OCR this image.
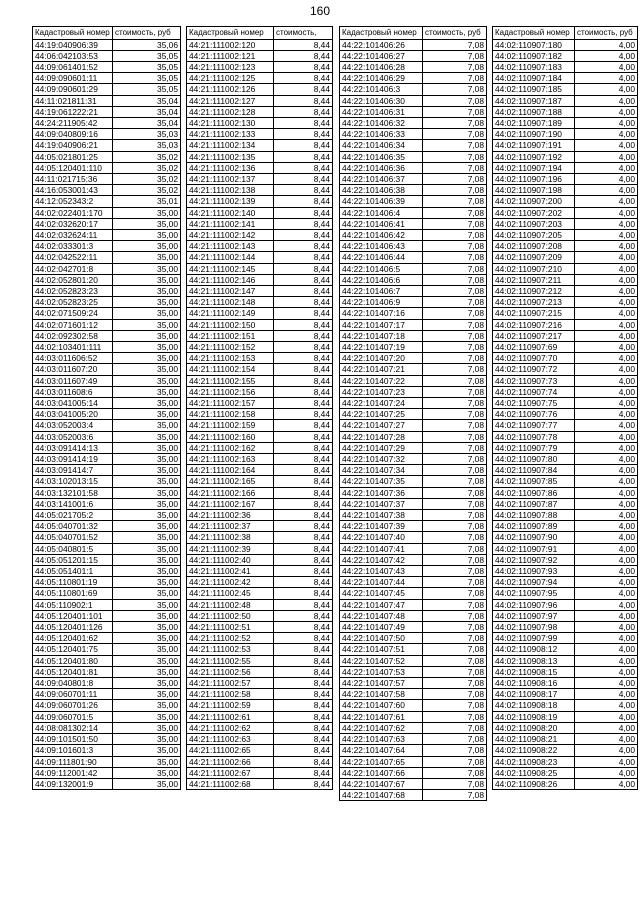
160
Кадастровый номер	стоимость, руб
44:19:040906:39	35,06
44:06:042103:53	35,05
44:09:061401:52	35,05
44:09:090601:11	35,05
44:09:090601:29	35,05
44:11:021811:31	35,04
44:19:061222:21	35,04
44:24:211905:42	35,04
44:09:040809:16	35,03
44:19:040906:21	35,03
44:05:021801:25	35,02
44:05:120401:110	35,02
44:11:021715:36	35,02
44:16:053001:43	35,02
44:12:052343:2	35,01
44:02:022401:170	35,00
44:02:032620:17	35,00
44:02:032624:11	35,00
44:02:033301:3	35,00
44:02:042522:11	35,00
44:02:042701:8	35,00
44:02:052801:20	35,00
44:02:052823:23	35,00
44:02:052823:25	35,00
44:02:071509:24	35,00
44:02:071601:12	35,00
44:02:092302:58	35,00
44:02:103401:111	35,00
44:03:011606:52	35,00
44:03:011607:20	35,00
44:03:011607:49	35,00
44:03:011608:6	35,00
44:03:041005:14	35,00
44:03:041005:20	35,00
44:03:052003:4	35,00
44:03:052003:6	35,00
44:03:091414:13	35,00
44:03:091414:19	35,00
44:03:091414:7	35,00
44:03:102013:15	35,00
44:03:132101:58	35,00
44:03:141001:6	35,00
44:05:021705:2	35,00
44:05:040701:32	35,00
44:05:040701:52	35,00
44:05:040801:5	35,00
44:05:051201:15	35,00
44:05:051401:1	35,00
44:05:110801:19	35,00
44:05:110801:69	35,00
44:05:110902:1	35,00
44:05:120401:101	35,00
44:05:120401:126	35,00
44:05:120401:62	35,00
44:05:120401:75	35,00
44:05:120401:80	35,00
44:05:120401:81	35,00
44:09:040801:8	35,00
44:09:060701:11	35,00
44:09:060701:26	35,00
44:09:060701:5	35,00
44:08:081302:14	35,00
44:09:101501:50	35,00
44:09:101601:3	35,00
44:09:111801:90	35,00
44:09:112001:42	35,00
44:09:132001:9	35,00
Кадастровый номер	стоимость,
44:21:111002:120	8,44
44:21:111002:121	8,44
44:21:111002:123	8,44
44:21:111002:125	8,44
44:21:111002:126	8,44
44:21:111002:127	8,44
44:21:111002:128	8,44
44:21:111002:130	8,44
44:21:111002:133	8,44
44:21:111002:134	8,44
44:21:111002:135	8,44
44:21:111002:136	8,44
44:21:111002:137	8,44
44:21:111002:138	8,44
44:21:111002:139	8,44
44:21:111002:140	8,44
44:21:111002:141	8,44
44:21:111002:142	8,44
44:21:111002:143	8,44
44:21:111002:144	8,44
44:21:111002:145	8,44
44:21:111002:146	8,44
44:21:111002:147	8,44
44:21:111002:148	8,44
44:21:111002:149	8,44
44:21:111002:150	8,44
44:21:111002:151	8,44
44:21:111002:152	8,44
44:21:111002:153	8,44
44:21:111002:154	8,44
44:21:111002:155	8,44
44:21:111002:156	8,44
44:21:111002:157	8,44
44:21:111002:158	8,44
44:21:111002:159	8,44
44:21:111002:160	8,44
44:21:111002:162	8,44
44:21:111002:163	8,44
44:21:111002:164	8,44
44:21:111002:165	8,44
44:21:111002:166	8,44
44:21:111002:167	8,44
44:21:111002:36	8,44
44:21:111002:37	8,44
44:21:111002:38	8,44
44:21:111002:39	8,44
44:21:111002:40	8,44
44:21:111002:41	8,44
44:21:111002:42	8,44
44:21:111002:45	8,44
44:21:111002:48	8,44
44:21:111002:50	8,44
44:21:111002:51	8,44
44:21:111002:52	8,44
44:21:111002:53	8,44
44:21:111002:55	8,44
44:21:111002:56	8,44
44:21:111002:57	8,44
44:21:111002:58	8,44
44:21:111002:59	8,44
44:21:111002:61	8,44
44:21:111002:62	8,44
44:21:111002:63	8,44
44:21:111002:65	8,44
44:21:111002:66	8,44
44:21:111002:67	8,44
44:21:111002:68	8,44
Кадастровый номер	стоимость, руб
44:22:101406:26	7,08
44:22:101406:27	7,08
44:22:101406:28	7,08
44:22:101406:29	7,08
44:22:101406:3	7,08
44:22:101406:30	7,08
44:22:101406:31	7,08
44:22:101406:32	7,08
44:22:101406:33	7,08
44:22:101406:34	7,08
44:22:101406:35	7,08
44:22:101406:36	7,08
44:22:101406:37	7,08
44:22:101406:38	7,08
44:22:101406:39	7,08
44:22:101406:4	7,08
44:22:101406:41	7,08
44:22:101406:42	7,08
44:22:101406:43	7,08
44:22:101406:44	7,08
44:22:101406:5	7,08
44:22:101406:6	7,08
44:22:101406:7	7,08
44:22:101406:9	7,08
44:22:101407:16	7,08
44:22:101407:17	7,08
44:22:101407:18	7,08
44:22:101407:19	7,08
44:22:101407:20	7,08
44:22:101407:21	7,08
44:22:101407:22	7,08
44:22:101407:23	7,08
44:22:101407:24	7,08
44:22:101407:25	7,08
44:22:101407:27	7,08
44:22:101407:28	7,08
44:22:101407:29	7,08
44:22:101407:32	7,08
44:22:101407:34	7,08
44:22:101407:35	7,08
44:22:101407:36	7,08
44:22:101407:37	7,08
44:22:101407:38	7,08
44:22:101407:39	7,08
44:22:101407:40	7,08
44:22:101407:41	7,08
44:22:101407:42	7,08
44:22:101407:43	7,08
44:22:101407:44	7,08
44:22:101407:45	7,08
44:22:101407:47	7,08
44:22:101407:48	7,08
44:22:101407:49	7,08
44:22:101407:50	7,08
44:22:101407:51	7,08
44:22:101407:52	7,08
44:22:101407:53	7,08
44:22:101407:57	7,08
44:22:101407:58	7,08
44:22:101407:60	7,08
44:22:101407:61	7,08
44:22:101407:62	7,08
44:22:101407:63	7,08
44:22:101407:64	7,08
44:22:101407:65	7,08
44:22:101407:66	7,08
44:22:101407:67	7,08
44:22:101407:68	7,08
Кадастровый номер	стоимость, руб
44:02:110907:180	4,00
44:02:110907:182	4,00
44:02:110907:183	4,00
44:02:110907:184	4,00
44:02:110907:185	4,00
44:02:110907:187	4,00
44:02:110907:188	4,00
44:02:110907:189	4,00
44:02:110907:190	4,00
44:02:110907:191	4,00
44:02:110907:192	4,00
44:02:110907:194	4,00
44:02:110907:196	4,00
44:02:110907:198	4,00
44:02:110907:200	4,00
44:02:110907:202	4,00
44:02:110907:203	4,00
44:02:110907:205	4,00
44:02:110907:208	4,00
44:02:110907:209	4,00
44:02:110907:210	4,00
44:02:110907:211	4,00
44:02:110907:212	4,00
44:02:110907:213	4,00
44:02:110907:215	4,00
44:02:110907:216	4,00
44:02:110907:217	4,00
44:02:110907:69	4,00
44:02:110907:70	4,00
44:02:110907:72	4,00
44:02:110907:73	4,00
44:02:110907:74	4,00
44:02:110907:75	4,00
44:02:110907:76	4,00
44:02:110907:77	4,00
44:02:110907:78	4,00
44:02:110907:79	4,00
44:02:110907:80	4,00
44:02:110907:84	4,00
44:02:110907:85	4,00
44:02:110907:86	4,00
44:02:110907:87	4,00
44:02:110907:88	4,00
44:02:110907:89	4,00
44:02:110907:90	4,00
44:02:110907:91	4,00
44:02:110907:92	4,00
44:02:110907:93	4,00
44:02:110907:94	4,00
44:02:110907:95	4,00
44:02:110907:96	4,00
44:02:110907:97	4,00
44:02:110907:98	4,00
44:02:110907:99	4,00
44:02:110908:12	4,00
44:02:110908:13	4,00
44:02:110908:15	4,00
44:02:110908:16	4,00
44:02:110908:17	4,00
44:02:110908:18	4,00
44:02:110908:19	4,00
44:02:110908:20	4,00
44:02:110908:21	4,00
44:02:110908:22	4,00
44:02:110908:23	4,00
44:02:110908:25	4,00
44:02:110908:26	4,00
